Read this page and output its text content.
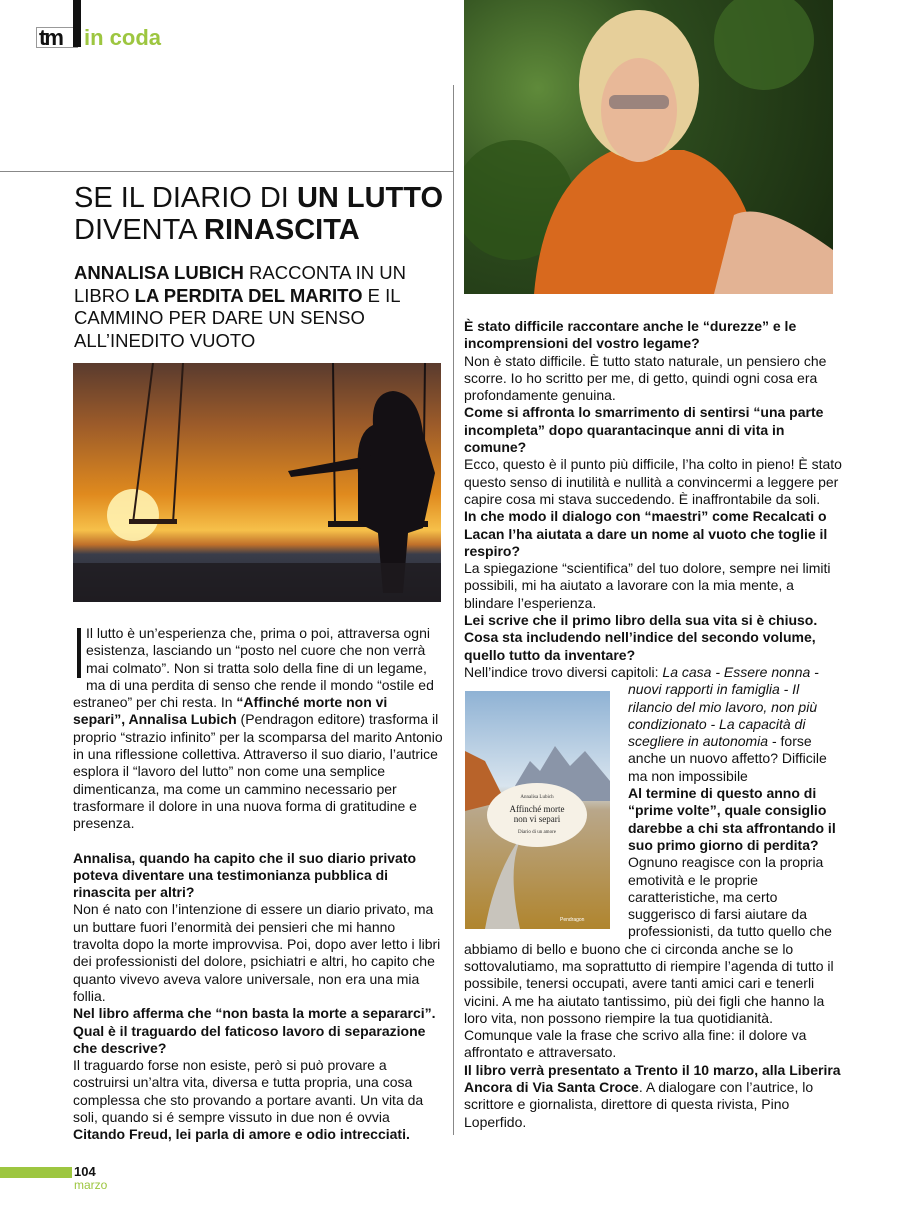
tm in coda
SE IL DIARIO DI UN LUTTO DIVENTA RINASCITA
ANNALISA LUBICH RACCONTA IN UN LIBRO LA PERDITA DEL MARITO E IL CAMMINO PER DARE UN SENSO ALL’INEDITO VUOTO

Il lutto è un’esperienza che, prima o poi, attraversa ogni esistenza, lasciando un “posto nel cuore che non verrà mai colmato”. Non si tratta solo della fine di un legame, ma di una perdita di senso che rende il mondo “ostile ed estraneo” per chi resta. In “Affinché morte non vi separi”, Annalisa Lubich (Pendragon editore) trasforma il proprio “strazio infinito” per la scomparsa del marito Antonio in una riflessione collettiva. Attraverso il suo diario, l’autrice esplora il “lavoro del lutto” non come una semplice dimenticanza, ma come un cammino necessario per trasformare il dolore in una nuova forma di gratitudine e presenza.

Annalisa, quando ha capito che il suo diario privato poteva diventare una testimonianza pubblica di rinascita per altri?

Non é nato con l’intenzione di essere un diario privato, ma un buttare fuori l’enormità dei pensieri che mi hanno travolta dopo la morte improvvisa. Poi, dopo aver letto i libri dei professionisti del dolore, psichiatri e altri, ho capito che quanto vivevo aveva valore universale, non era una mia follia.

Nel libro afferma che “non basta la morte a separarci”. Qual è il traguardo del faticoso lavoro di separazione che descrive?

Il traguardo forse non esiste, però si può provare a costruirsi un’altra vita, diversa e tutta propria, una cosa complessa che sto provando a portare avanti. Un vita da soli, quando si é sempre vissuto in due non é ovvia

Citando Freud, lei parla di amore e odio intrecciati.

È stato difficile raccontare anche le “durezze” e le incomprensioni del vostro legame?

Non è stato difficile. È tutto stato naturale, un pensiero che scorre. Io ho scritto per me, di getto, quindi ogni cosa era profondamente genuina.

Come si affronta lo smarrimento di sentirsi “una parte incompleta” dopo quarantacinque anni di vita in comune?

Ecco, questo è il punto più difficile, l’ha colto in pieno! È stato questo senso di inutilità e nullità a convincermi a leggere per capire cosa mi stava succedendo. È inaffrontabile da soli.

In che modo il dialogo con “maestri” come Recalcati o Lacan l’ha aiutata a dare un nome al vuoto che toglie il respiro?

La spiegazione “scientifica” del tuo dolore, sempre nei limiti possibili, mi ha aiutato a lavorare con la mia mente, a blindare l’esperienza.

Lei scrive che il primo libro della sua vita si è chiuso. Cosa sta includendo nell’indice del secondo volume, quello tutto da inventare?

Nell’indice trovo diversi capitoli: La casa - Essere nonna
Annalisa Lubich
Affinché morte
non vi separi
Diario di un amore
Pendragon
- nuovi rapporti in famiglia - Il rilancio del mio lavoro, non più condizionato - La capacità di scegliere in autonomia - forse anche un nuovo affetto? Difficile ma non impossibile

Al termine di questo anno di “prime volte”, quale consiglio darebbe a chi sta affrontando il suo primo giorno di perdita?

Ognuno reagisce con la propria emotività e le proprie caratteristiche, ma certo suggerisco di farsi aiutare da professionisti, da tutto quello che abbiamo di bello e buono che ci circonda anche se lo sottovalutiamo, ma soprattutto di riempire l’agenda di tutto il possibile, tenersi occupati, avere tanti amici cari e tenerli vicini. A me ha aiutato tantissimo, più dei figli che hanno la loro vita, non possono riempire la tua quotidianità. Comunque vale la frase che scrivo alla fine: il dolore va affrontato e attraversato.

Il libro verrà presentato a Trento il 10 marzo, alla Liberira Ancora di Via Santa Croce. A dialogare con l’autrice, lo scrittore e giornalista, direttore di questa rivista, Pino Loperfido.

104
marzo
